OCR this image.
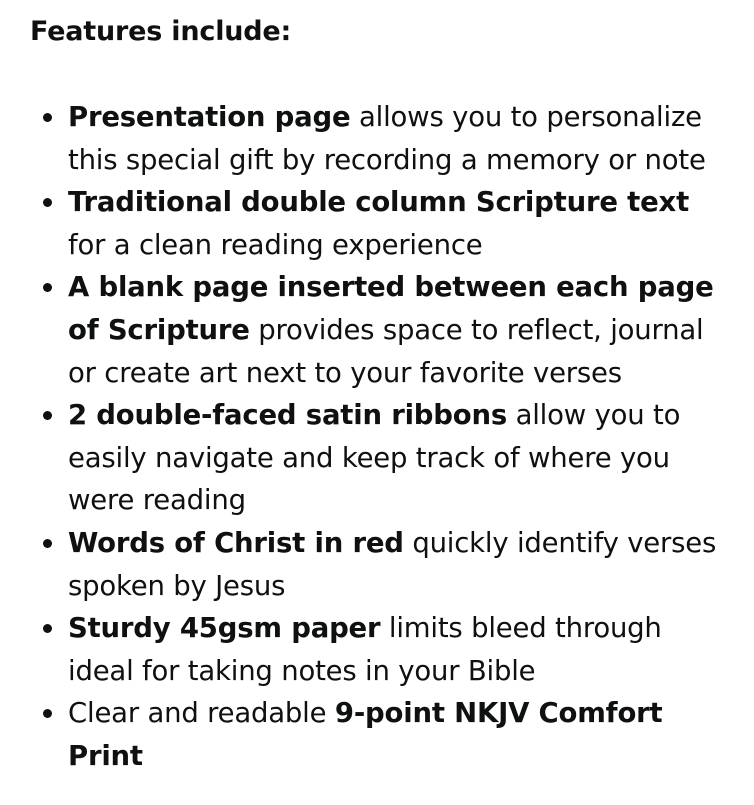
Features include:
Presentation page allows you to personalize this special gift by recording a memory or note
Traditional double column Scripture text for a clean reading experience
A blank page inserted between each page of Scripture provides space to reflect, journal or create art next to your favorite verses
2 double-faced satin ribbons allow you to easily navigate and keep track of where you were reading
Words of Christ in red quickly identify verses spoken by Jesus
Sturdy 45gsm paper limits bleed through ideal for taking notes in your Bible
Clear and readable 9-point NKJV Comfort Print
